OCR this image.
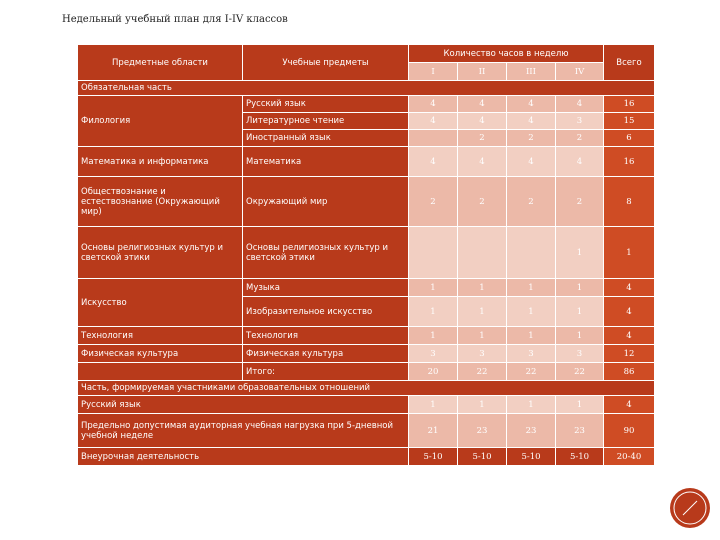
Недельный учебный план для I-IV классов
Предметные области	Учебные предметы	Количество часов в неделю				Всего
		I	II	III	IV	
Обязательная часть						
Филология	Русский язык	4	4	4	4	16
	Литературное чтение	4	4	4	3	15
	Иностранный язык		2	2	2	6
Математика и информатика	Математика	4	4	4	4	16
Обществознание и естествознание (Окружающий мир)	Окружающий мир	2	2	2	2	8
Основы религиозных культур и светской этики	Основы религиозных культур и светской этики				1	1
Искусство	Музыка	1	1	1	1	4
	Изобразительное искусство	1	1	1	1	4
Технология	Технология	1	1	1	1	4
Физическая культура	Физическая культура	3	3	3	3	12
	Итого:	20	22	22	22	86
Часть, формируемая участниками образовательных отношений						
Русский язык		1	1	1	1	4
Предельно допустимая аудиторная учебная нагрузка при 5-дневной учебной неделе		21	23	23	23	90
Внеурочная деятельность		5-10	5-10	5-10	5-10	20-40
